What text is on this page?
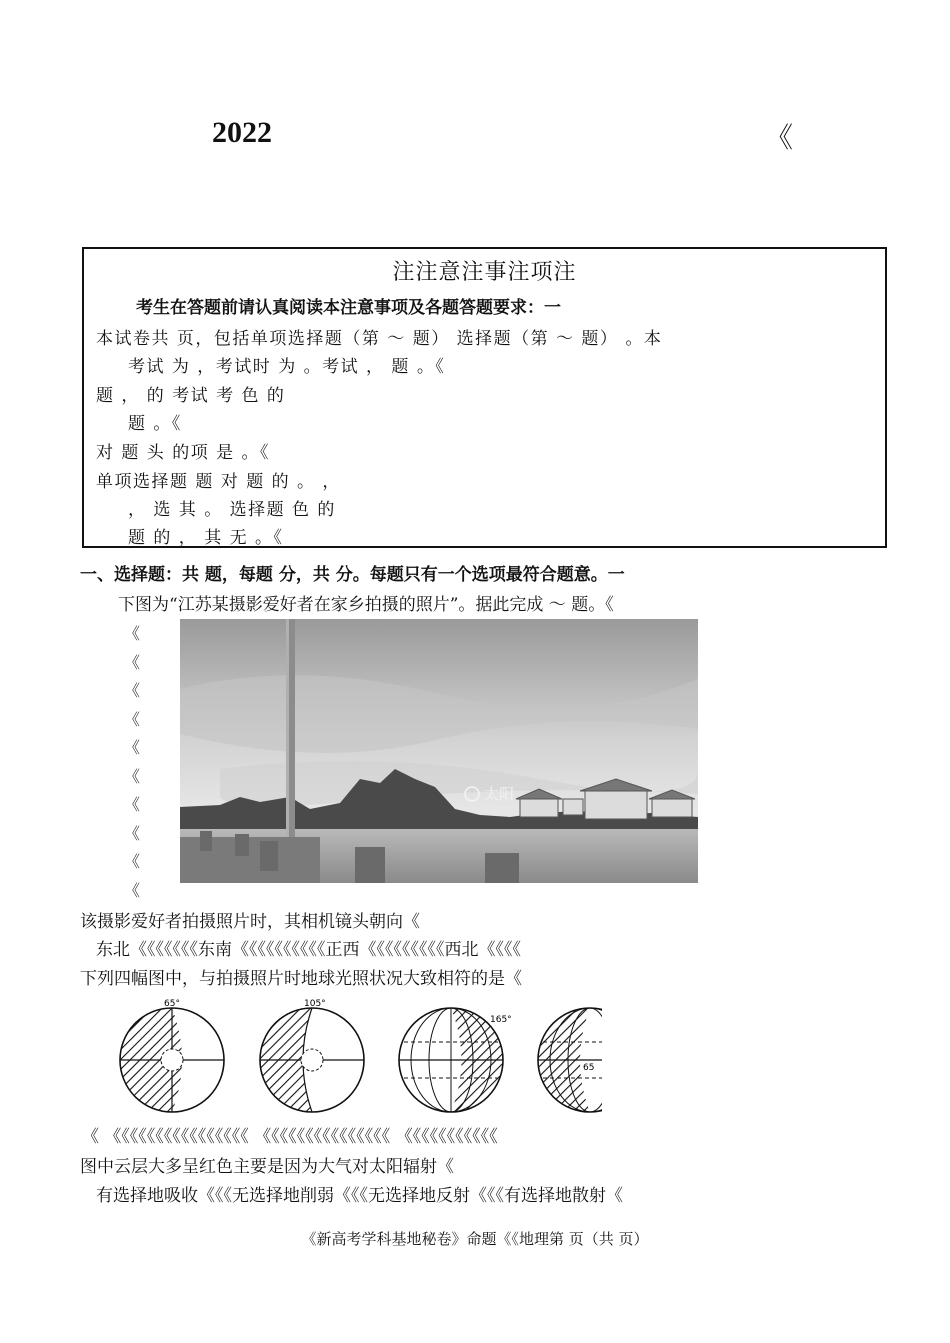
2022	《
注注意注事注项注
考生在答题前请认真阅读本注意事项及各题答题要求：一
本试卷共 页，包括单项选择题（第 ～ 题） 选择题（第 ～ 题） 。本
考试 为 ，考试时 为 。考试 ， 题 。《
题 ， 的 考试 考 色 的
题 。《
对 题 头 的项 是 。《
单项选择题 题 对 题 的 。 ，
， 选 其 。 选择题 色 的
题 的 ， 其 无 。《
一、选择题：共 题，每题 分，共 分。每题只有一个选项最符合题意。一
下图为“江苏某摄影爱好者在家乡拍摄的照片”。据此完成 ～ 题。《
《
《
《
《
《
《
《
《
《
《
太阳
该摄影爱好者拍摄照片时，其相机镜头朝向《
东北《《《《《《《东南《《《《《《《《《《正西《《《《《《《《《西北《《《《
下列四幅图中，与拍摄照片时地球光照状况大致相符的是《
65°	105°
165°
65
《 《《《《《《《《《《《《《《《《 《《《《《《《《《《《《《《《 《《《《《《《《《《《
图中云层大多呈红色主要是因为大气对太阳辐射《
有选择地吸收《《《无选择地削弱《《《无选择地反射《《《有选择地散射《
《新高考学科基地秘卷》命题《《地理第 页（共 页）
